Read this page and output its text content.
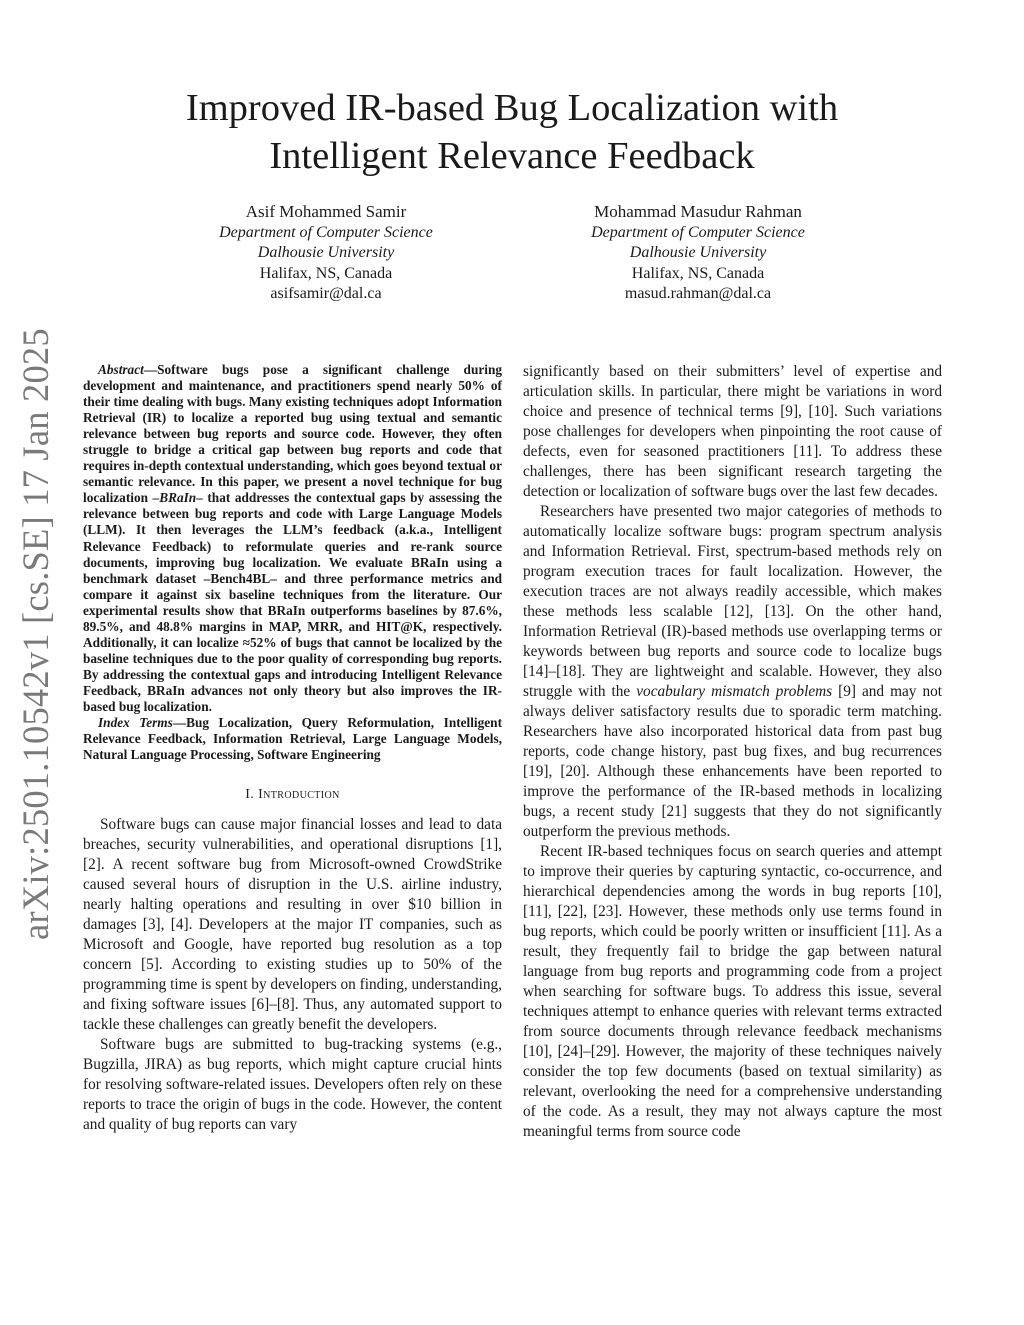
arXiv:2501.10542v1 [cs.SE] 17 Jan 2025
Improved IR-based Bug Localization with
Intelligent Relevance Feedback
Asif Mohammed Samir
Department of Computer Science
Dalhousie University
Halifax, NS, Canada
asifsamir@dal.ca
Mohammad Masudur Rahman
Department of Computer Science
Dalhousie University
Halifax, NS, Canada
masud.rahman@dal.ca

Abstract—Software bugs pose a significant challenge during development and maintenance, and practitioners spend nearly 50% of their time dealing with bugs. Many existing techniques adopt Information Retrieval (IR) to localize a reported bug using textual and semantic relevance between bug reports and source code. However, they often struggle to bridge a critical gap between bug reports and code that requires in-depth contextual understanding, which goes beyond textual or semantic relevance. In this paper, we present a novel technique for bug localization –BRaIn– that addresses the contextual gaps by assessing the relevance between bug reports and code with Large Language Models (LLM). It then leverages the LLM’s feedback (a.k.a., Intelligent Relevance Feedback) to reformulate queries and re-rank source documents, improving bug localization. We evaluate BRaIn using a benchmark dataset –Bench4BL– and three performance metrics and compare it against six baseline techniques from the literature. Our experimental results show that BRaIn outperforms baselines by 87.6%, 89.5%, and 48.8% margins in MAP, MRR, and HIT@K, respectively. Additionally, it can localize ≈52% of bugs that cannot be localized by the baseline techniques due to the poor quality of corresponding bug reports. By addressing the contextual gaps and introducing Intelligent Relevance Feedback, BRaIn advances not only theory but also improves the IR-based bug localization.

Index Terms—Bug Localization, Query Reformulation, Intelligent Relevance Feedback, Information Retrieval, Large Language Models, Natural Language Processing, Software Engineering

I. Introduction

Software bugs can cause major financial losses and lead to data breaches, security vulnerabilities, and operational disruptions [1], [2]. A recent software bug from Microsoft-owned CrowdStrike caused several hours of disruption in the U.S. airline industry, nearly halting operations and resulting in over $10 billion in damages [3], [4]. Developers at the major IT companies, such as Microsoft and Google, have reported bug resolution as a top concern [5]. According to existing studies up to 50% of the programming time is spent by developers on finding, understanding, and fixing software issues [6]–[8]. Thus, any automated support to tackle these challenges can greatly benefit the developers.

Software bugs are submitted to bug-tracking systems (e.g., Bugzilla, JIRA) as bug reports, which might capture crucial hints for resolving software-related issues. Developers often rely on these reports to trace the origin of bugs in the code. However, the content and quality of bug reports can vary

significantly based on their submitters’ level of expertise and articulation skills. In particular, there might be variations in word choice and presence of technical terms [9], [10]. Such variations pose challenges for developers when pinpointing the root cause of defects, even for seasoned practitioners [11]. To address these challenges, there has been significant research targeting the detection or localization of software bugs over the last few decades.

Researchers have presented two major categories of methods to automatically localize software bugs: program spectrum analysis and Information Retrieval. First, spectrum-based methods rely on program execution traces for fault localization. However, the execution traces are not always readily accessible, which makes these methods less scalable [12], [13]. On the other hand, Information Retrieval (IR)-based methods use overlapping terms or keywords between bug reports and source code to localize bugs [14]–[18]. They are lightweight and scalable. However, they also struggle with the vocabulary mismatch problems [9] and may not always deliver satisfactory results due to sporadic term matching. Researchers have also incorporated historical data from past bug reports, code change history, past bug fixes, and bug recurrences [19], [20]. Although these enhancements have been reported to improve the performance of the IR-based methods in localizing bugs, a recent study [21] suggests that they do not significantly outperform the previous methods.

Recent IR-based techniques focus on search queries and attempt to improve their queries by capturing syntactic, co-occurrence, and hierarchical dependencies among the words in bug reports [10], [11], [22], [23]. However, these methods only use terms found in bug reports, which could be poorly written or insufficient [11]. As a result, they frequently fail to bridge the gap between natural language from bug reports and programming code from a project when searching for software bugs. To address this issue, several techniques attempt to enhance queries with relevant terms extracted from source documents through relevance feedback mechanisms [10], [24]–[29]. However, the majority of these techniques naively consider the top few documents (based on textual similarity) as relevant, overlooking the need for a comprehensive understanding of the code. As a result, they may not always capture the most meaningful terms from source code
